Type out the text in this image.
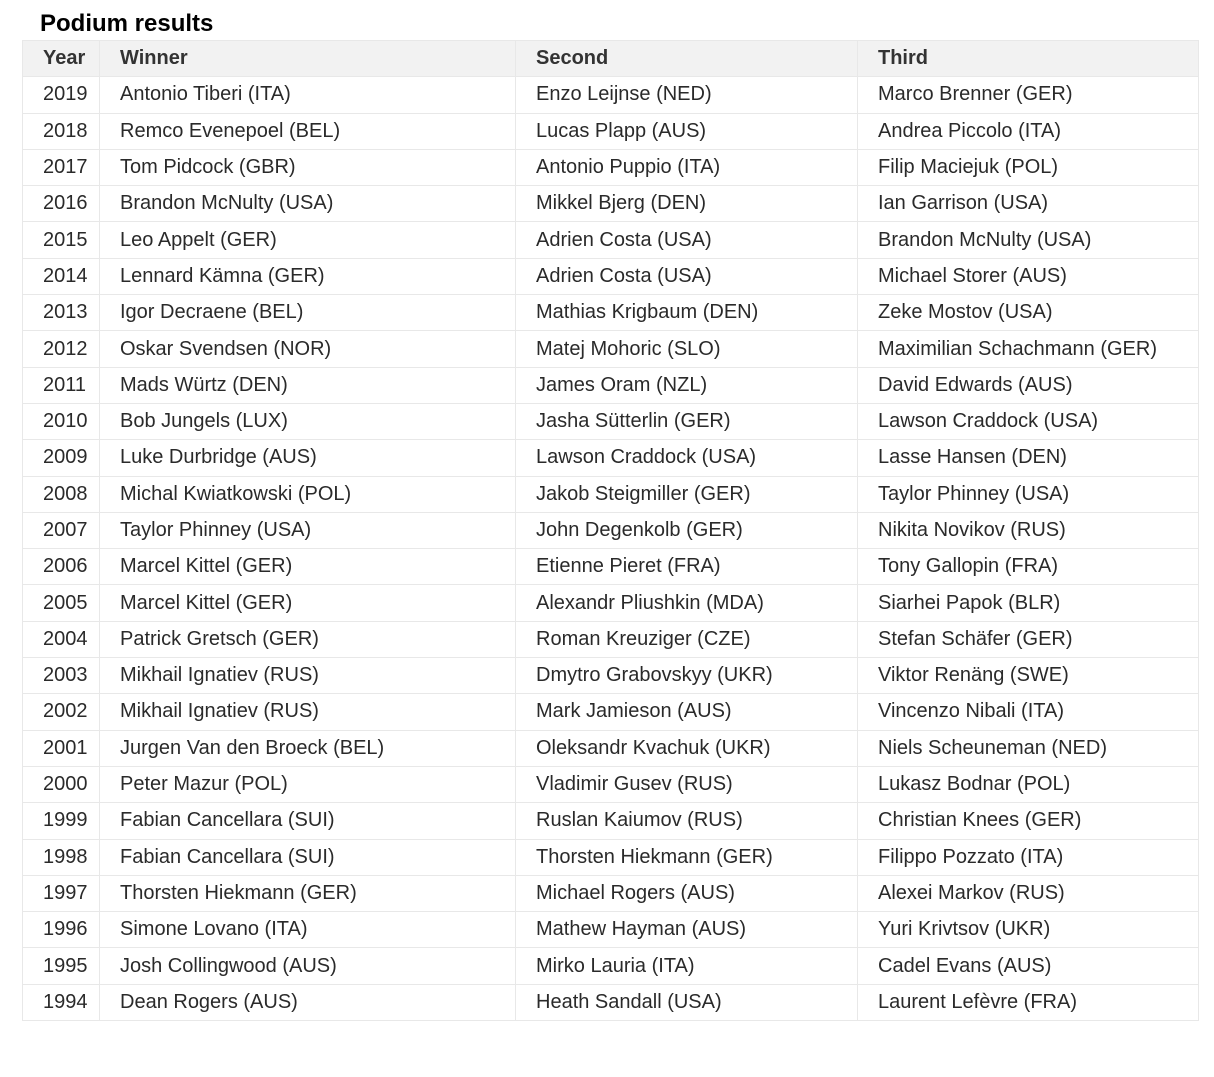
Podium results
Year	Winner	Second	Third
2019	Antonio Tiberi (ITA)	Enzo Leijnse (NED)	Marco Brenner (GER)
2018	Remco Evenepoel (BEL)	Lucas Plapp (AUS)	Andrea Piccolo (ITA)
2017	Tom Pidcock (GBR)	Antonio Puppio (ITA)	Filip Maciejuk (POL)
2016	Brandon McNulty (USA)	Mikkel Bjerg (DEN)	Ian Garrison (USA)
2015	Leo Appelt (GER)	Adrien Costa (USA)	Brandon McNulty (USA)
2014	Lennard Kämna (GER)	Adrien Costa (USA)	Michael Storer (AUS)
2013	Igor Decraene (BEL)	Mathias Krigbaum (DEN)	Zeke Mostov (USA)
2012	Oskar Svendsen (NOR)	Matej Mohoric (SLO)	Maximilian Schachmann (GER)
2011	Mads Würtz (DEN)	James Oram (NZL)	David Edwards (AUS)
2010	Bob Jungels (LUX)	Jasha Sütterlin (GER)	Lawson Craddock (USA)
2009	Luke Durbridge (AUS)	Lawson Craddock (USA)	Lasse Hansen (DEN)
2008	Michal Kwiatkowski (POL)	Jakob Steigmiller (GER)	Taylor Phinney (USA)
2007	Taylor Phinney (USA)	John Degenkolb (GER)	Nikita Novikov (RUS)
2006	Marcel Kittel (GER)	Etienne Pieret (FRA)	Tony Gallopin (FRA)
2005	Marcel Kittel (GER)	Alexandr Pliushkin (MDA)	Siarhei Papok (BLR)
2004	Patrick Gretsch (GER)	Roman Kreuziger (CZE)	Stefan Schäfer (GER)
2003	Mikhail Ignatiev (RUS)	Dmytro Grabovskyy (UKR)	Viktor Renäng (SWE)
2002	Mikhail Ignatiev (RUS)	Mark Jamieson (AUS)	Vincenzo Nibali (ITA)
2001	Jurgen Van den Broeck (BEL)	Oleksandr Kvachuk (UKR)	Niels Scheuneman (NED)
2000	Peter Mazur (POL)	Vladimir Gusev (RUS)	Lukasz Bodnar (POL)
1999	Fabian Cancellara (SUI)	Ruslan Kaiumov (RUS)	Christian Knees (GER)
1998	Fabian Cancellara (SUI)	Thorsten Hiekmann (GER)	Filippo Pozzato (ITA)
1997	Thorsten Hiekmann (GER)	Michael Rogers (AUS)	Alexei Markov (RUS)
1996	Simone Lovano (ITA)	Mathew Hayman (AUS)	Yuri Krivtsov (UKR)
1995	Josh Collingwood (AUS)	Mirko Lauria (ITA)	Cadel Evans (AUS)
1994	Dean Rogers (AUS)	Heath Sandall (USA)	Laurent Lefèvre (FRA)
